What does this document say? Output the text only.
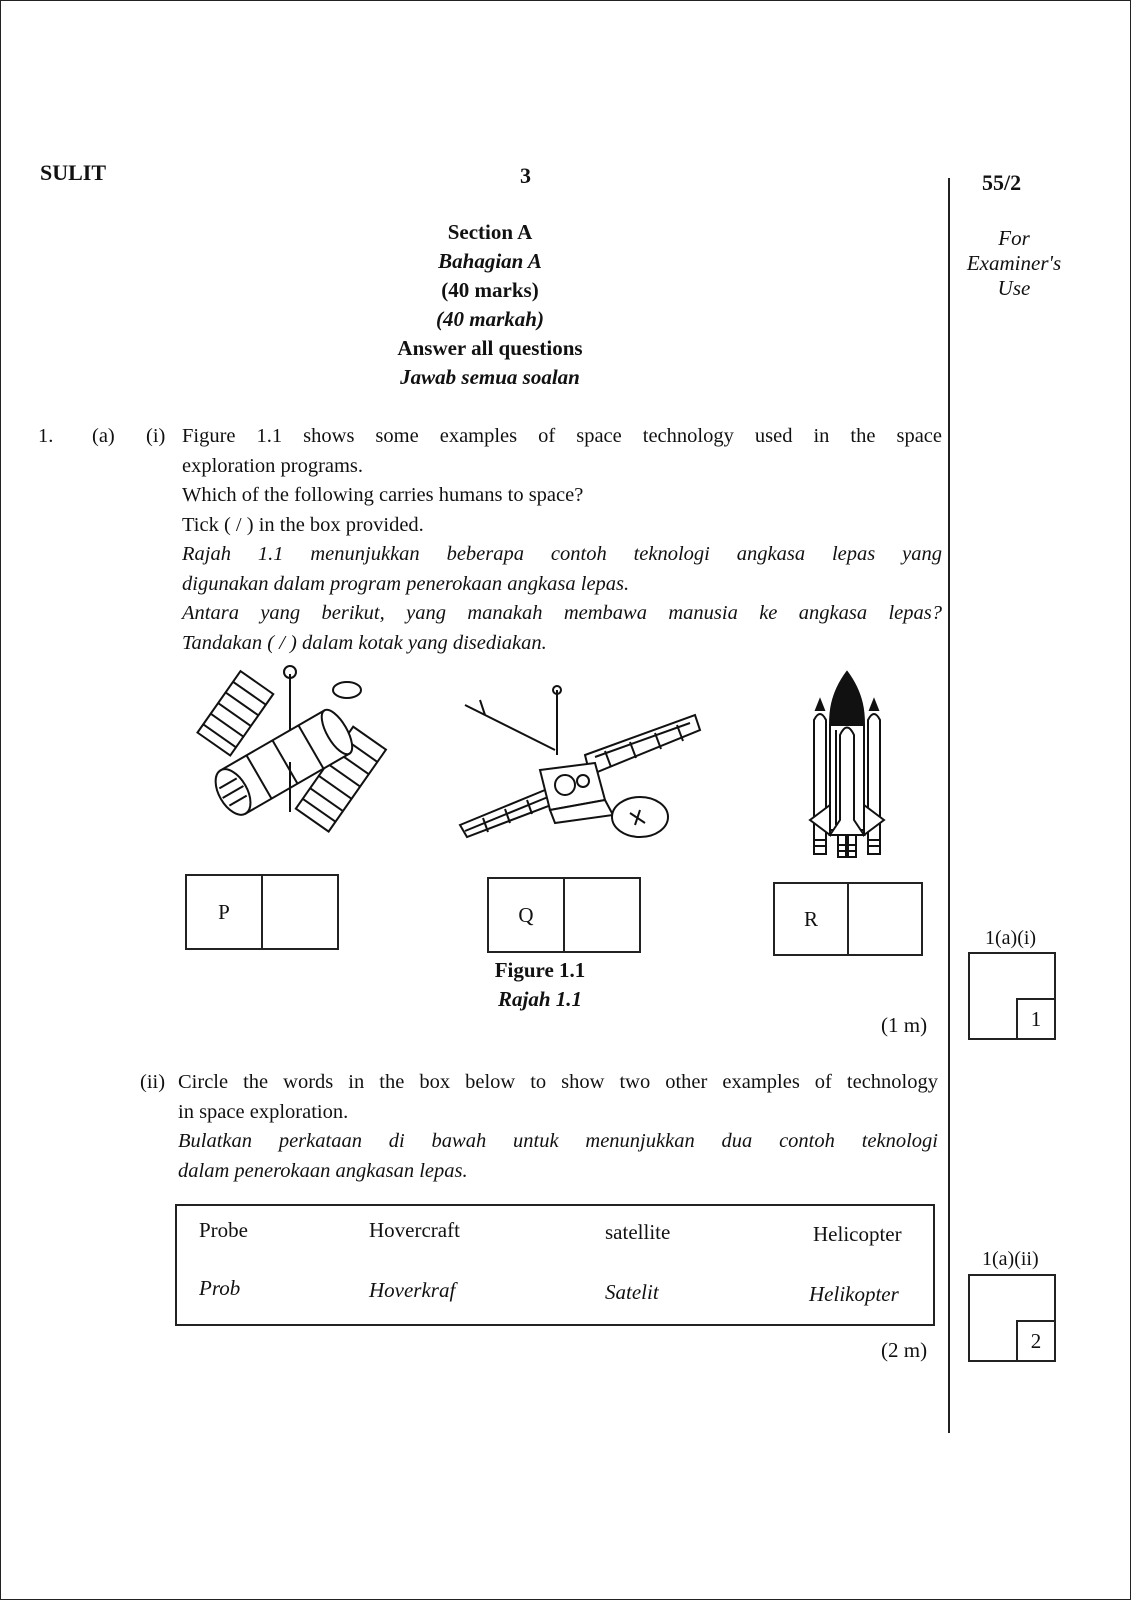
SULIT	3	55/2
For
Examiner's
Use
Section A
Bahagian A
(40 marks)
(40 markah)
Answer all questions
Jawab semua soalan
1. (a) (i) Figure 1.1 shows some examples of space technology used in the space
exploration programs.
Which of the following carries humans to space?
Tick ( / ) in the box provided.
Rajah 1.1 menunjukkan beberapa contoh teknologi angkasa lepas yang
digunakan dalam program penerokaan angkasa lepas.
Antara yang berikut, yang manakah membawa manusia ke angkasa lepas?
Tandakan ( / ) dalam kotak yang disediakan.
P	Q	R
Figure 1.1
Rajah 1.1
(1 m)
1(a)(i)
1
(ii) Circle the words in the box below to show two other examples of technology
in space exploration.
Bulatkan perkataan di bawah untuk menunjukkan dua contoh teknologi
dalam penerokaan angkasan lepas.
Probe	Hovercraft	satellite	Helicopter
Prob	Hoverkraf	Satelit	Helikopter
(2 m)
1(a)(ii)
2
